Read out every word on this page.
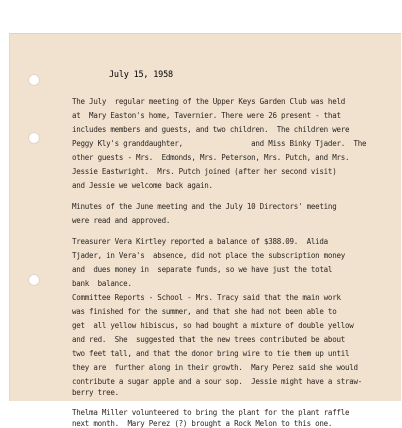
July 15, 1958

The July  regular meeting of the Upper Keys Garden Club was held

at  Mary Easton's home, Tavernier. There were 26 present - that

includes members and guests, and two children.  The children were

Peggy Kly's granddaughter,                and Miss Binky Tjader.  The

other guests - Mrs.  Edmonds, Mrs. Peterson, Mrs. Putch, and Mrs.

Jessie Eastwright.  Mrs. Putch joined (after her second visit)

and Jessie we welcome back again.

Minutes of the June meeting and the July 10 Directors' meeting

were read and approved.

Treasurer Vera Kirtley reported a balance of $388.09.  Alida

Tjader, in Vera's  absence, did not place the subscription money

and  dues money in  separate funds, so we have just the total

bank  balance.

Committee Reports - School - Mrs. Tracy said that the main work

was finished for the summer, and that she had not been able to

get  all yellow hibiscus, so had bought a mixture of double yellow

and red.  She  suggested that the new trees contributed be about

two feet tall, and that the donor bring wire to tie them up until

they are  further along in their growth.  Mary Perez said she would

contribute a sugar apple and a sour sop.  Jessie might have a straw-

berry tree.

Thelma Miller volunteered to bring the plant for the plant raffle

next month.  Mary Perez (?) brought a Rock Melon to this one.
